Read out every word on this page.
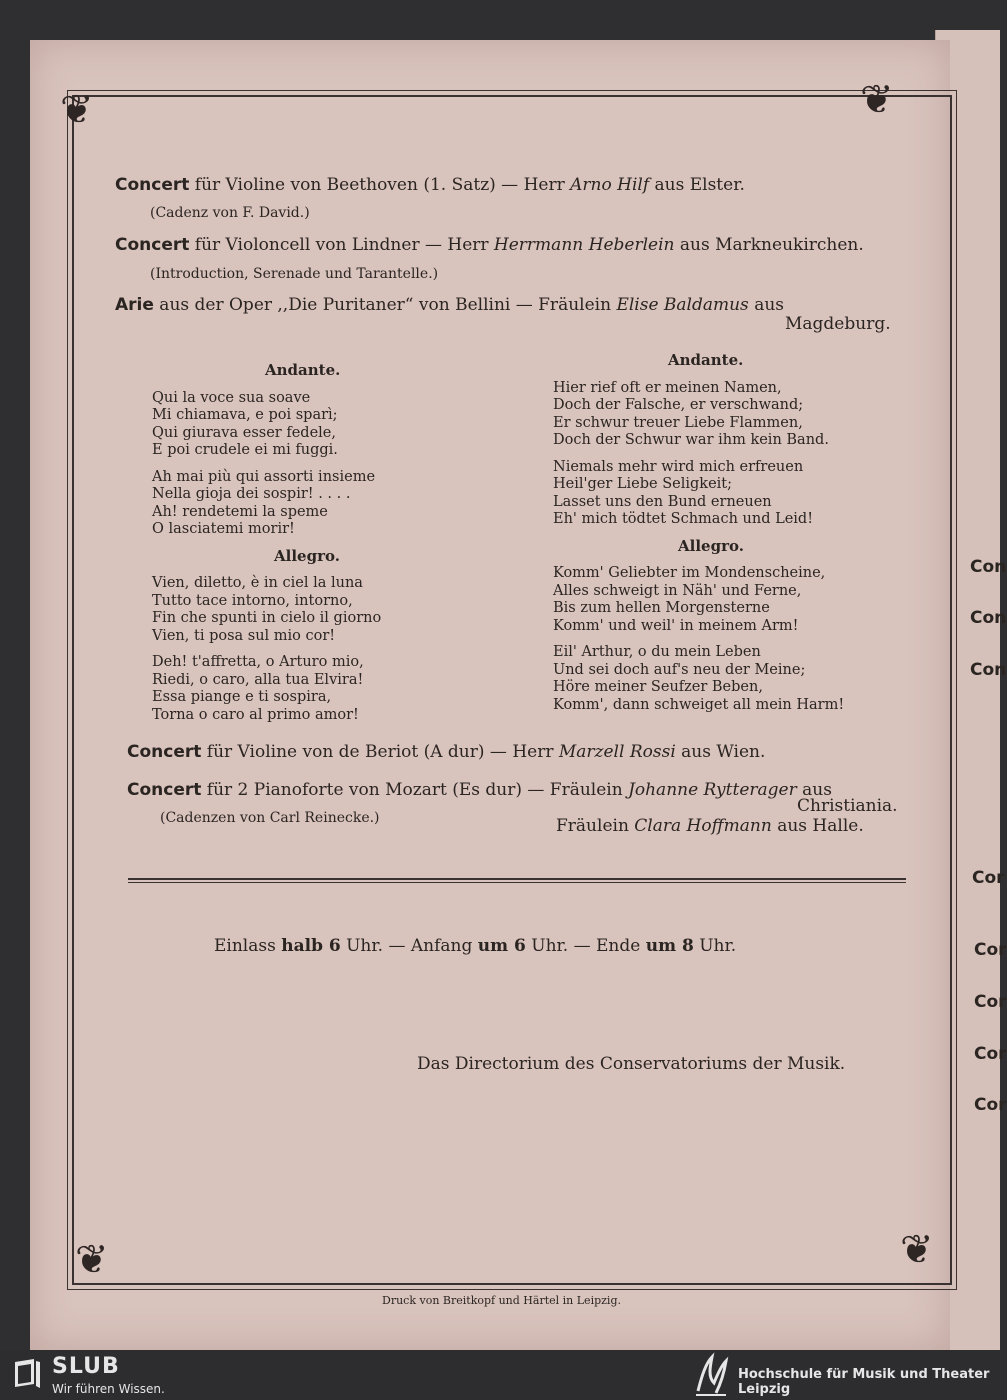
❦	❦
❦	❦
Con
Con
Con
Cor
Cor
Cor
Cor
Cor
Concert für Violine von Beethoven (1. Satz) — Herr Arno Hilf aus Elster.
(Cadenz von F. David.)
Concert für Violoncell von Lindner — Herr Herrmann Heberlein aus Markneukirchen.
(Introduction, Serenade und Tarantelle.)
Arie aus der Oper ,,Die Puritaner“ von Bellini — Fräulein Elise Baldamus aus
Magdeburg.
Andante.
Qui la voce sua soave
Mi chiamava, e poi sparì;
Qui giurava esser fedele,
E poi crudele ei mi fuggi.
Ah mai più qui assorti insieme
Nella gioja dei sospir! . . . .
Ah! rendetemi la speme
O lasciatemi morir!
Allegro.
Vien, diletto, è in ciel la luna
Tutto tace intorno, intorno,
Fin che spunti in cielo il giorno
Vien, ti posa sul mio cor!
Deh! t'affretta, o Arturo mio,
Riedi, o caro, alla tua Elvira!
Essa piange e ti sospira,
Torna o caro al primo amor!
Andante.
Hier rief oft er meinen Namen,
Doch der Falsche, er verschwand;
Er schwur treuer Liebe Flammen,
Doch der Schwur war ihm kein Band.
Niemals mehr wird mich erfreuen
Heil'ger Liebe Seligkeit;
Lasset uns den Bund erneuen
Eh' mich tödtet Schmach und Leid!
Allegro.
Komm' Geliebter im Mondenscheine,
Alles schweigt in Näh' und Ferne,
Bis zum hellen Morgensterne
Komm' und weil' in meinem Arm!
Eil' Arthur, o du mein Leben
Und sei doch auf's neu der Meine;
Höre meiner Seufzer Beben,
Komm', dann schweiget all mein Harm!
Concert für Violine von de Beriot (A dur) — Herr Marzell Rossi aus Wien.
Concert für 2 Pianoforte von Mozart (Es dur) — Fräulein Johanne Rytterager aus
Christiania.
(Cadenzen von Carl Reinecke.)	Fräulein Clara Hoffmann aus Halle.
Einlass halb 6 Uhr. — Anfang um 6 Uhr. — Ende um 8 Uhr.
Das Directorium des Conservatoriums der Musik.
Druck von Breitkopf und Härtel in Leipzig.
SLUB
Wir führen Wissen.
Hochschule für Musik und Theater Leipzig
